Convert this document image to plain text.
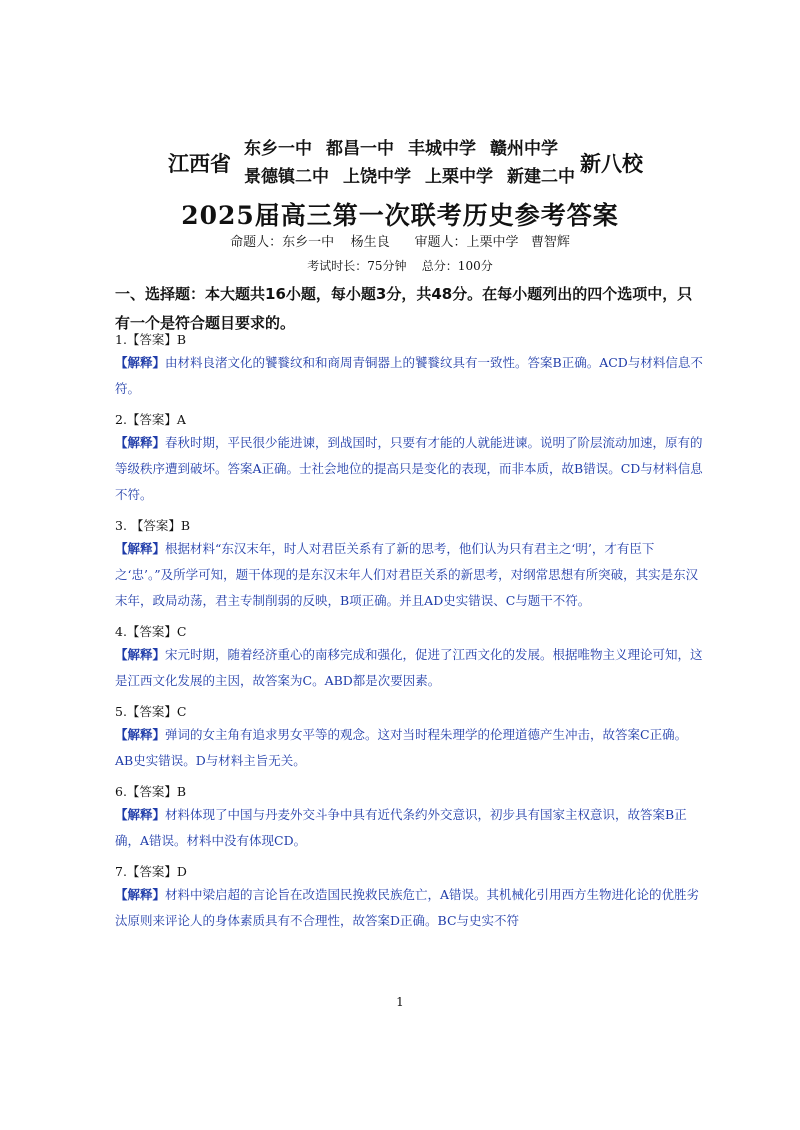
江西省
东乡一中 都昌一中 丰城中学 赣州中学
景德镇二中 上饶中学 上栗中学 新建二中
新八校
2025届高三第一次联考历史参考答案
命题人：东乡一中    杨生良      审题人：上栗中学   曹智辉
考试时长：75分钟    总分：100分
一、选择题：本大题共16小题，每小题3分，共48分。在每小题列出的四个选项中，只有一个是符合题目要求的。

1.【答案】B

【解释】由材料良渚文化的饕餮纹和和商周青铜器上的饕餮纹具有一致性。答案B正确。ACD与材料信息不符。

2.【答案】A

【解释】春秋时期，平民很少能进谏，到战国时，只要有才能的人就能进谏。说明了阶层流动加速，原有的等级秩序遭到破坏。答案A正确。士社会地位的提高只是变化的表现，而非本质，故B错误。CD与材料信息不符。

3. 【答案】B

【解释】根据材料“东汉末年，时人对君臣关系有了新的思考，他们认为只有君主之‘明’，才有臣下之‘忠’。”及所学可知，题干体现的是东汉末年人们对君臣关系的新思考，对纲常思想有所突破，其实是东汉末年，政局动荡，君主专制削弱的反映，B项正确。并且AD史实错误、C与题干不符。

4.【答案】C

【解释】宋元时期，随着经济重心的南移完成和强化，促进了江西文化的发展。根据唯物主义理论可知，这是江西文化发展的主因，故答案为C。ABD都是次要因素。

5.【答案】C

【解释】弹词的女主角有追求男女平等的观念。这对当时程朱理学的伦理道德产生冲击，故答案C正确。AB史实错误。D与材料主旨无关。

6.【答案】B

【解释】材料体现了中国与丹麦外交斗争中具有近代条约外交意识，初步具有国家主权意识，故答案B正确，A错误。材料中没有体现CD。

7.【答案】D

【解释】材料中梁启超的言论旨在改造国民挽救民族危亡，A错误。其机械化引用西方生物进化论的优胜劣汰原则来评论人的身体素质具有不合理性，故答案D正确。BC与史实不符

1
